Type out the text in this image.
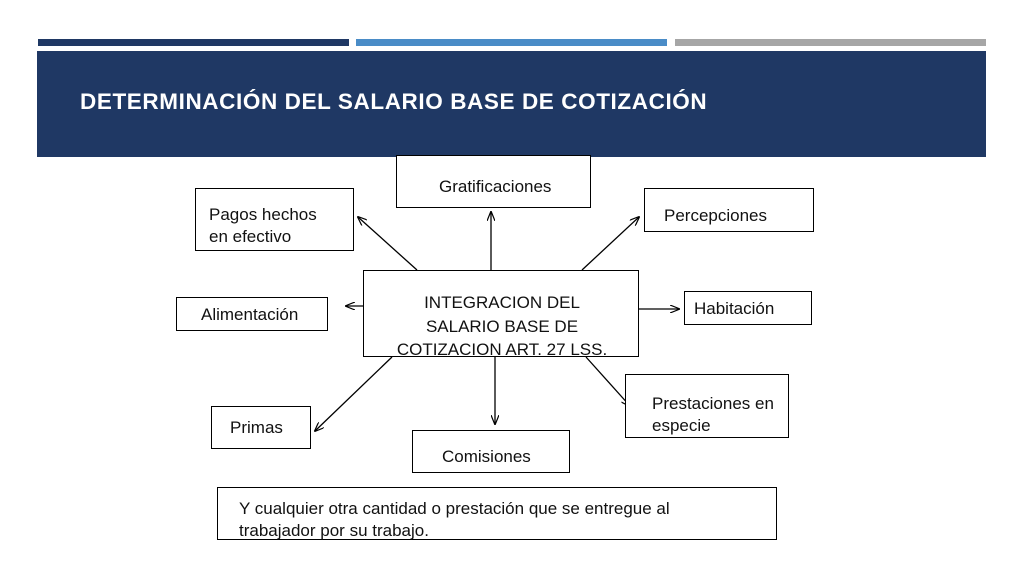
DETERMINACIÓN DEL SALARIO BASE DE COTIZACIÓN
Gratificaciones
Pagos hechos
en efectivo
Percepciones
Alimentación	Habitación
INTEGRACION DEL
SALARIO BASE DE
COTIZACION ART. 27 LSS.
Primas
Comisiones
Prestaciones en
especie
Y cualquier otra cantidad o prestación que se entregue al
trabajador por su trabajo.
